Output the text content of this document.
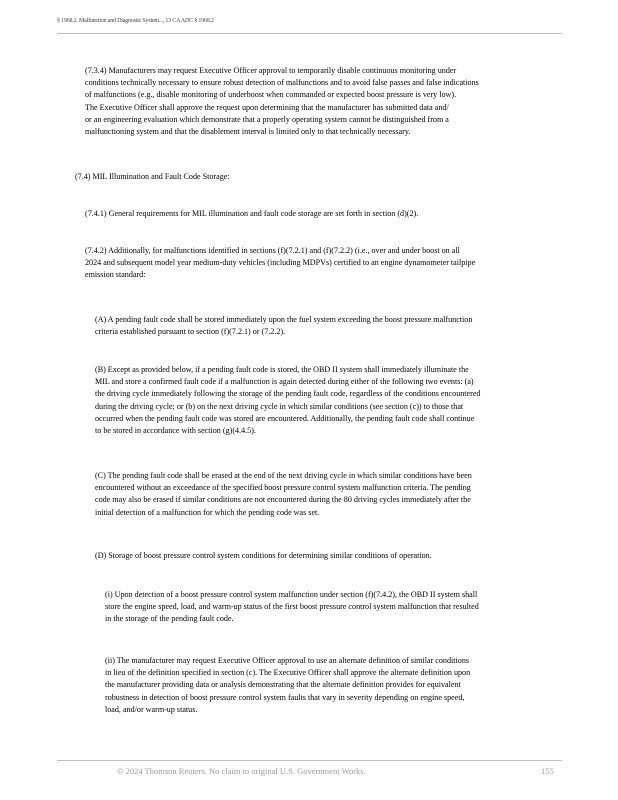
§ 1968.2. Malfunction and Diagnostic System..., 13 CA ADC § 1968.2

(7.3.4) Manufacturers may request Executive Officer approval to temporarily disable continuous monitoring under
conditions technically necessary to ensure robust detection of malfunctions and to avoid false passes and false indications
of malfunctions (e.g., disable monitoring of underboost when commanded or expected boost pressure is very low).
The Executive Officer shall approve the request upon determining that the manufacturer has submitted data and/
or an engineering evaluation which demonstrate that a properly operating system cannot be distinguished from a
malfunctioning system and that the disablement interval is limited only to that technically necessary.

(7.4) MIL Illumination and Fault Code Storage:

(7.4.1) General requirements for MIL illumination and fault code storage are set forth in section (d)(2).

(7.4.2) Additionally, for malfunctions identified in sections (f)(7.2.1) and (f)(7.2.2) (i.e., over and under boost on all
2024 and subsequent model year medium-duty vehicles (including MDPVs) certified to an engine dynamometer tailpipe
emission standard:

(A) A pending fault code shall be stored immediately upon the fuel system exceeding the boost pressure malfunction
criteria established pursuant to section (f)(7.2.1) or (7.2.2).

(B) Except as provided below, if a pending fault code is stored, the OBD II system shall immediately illuminate the
MIL and store a confirmed fault code if a malfunction is again detected during either of the following two events: (a)
the driving cycle immediately following the storage of the pending fault code, regardless of the conditions encountered
during the driving cycle; or (b) on the next driving cycle in which similar conditions (see section (c)) to those that
occurred when the pending fault code was stored are encountered. Additionally, the pending fault code shall continue
to be stored in accordance with section (g)(4.4.5).

(C) The pending fault code shall be erased at the end of the next driving cycle in which similar conditions have been
encountered without an exceedance of the specified boost pressure control system malfunction criteria. The pending
code may also be erased if similar conditions are not encountered during the 80 driving cycles immediately after the
initial detection of a malfunction for which the pending code was set.

(D) Storage of boost pressure control system conditions for determining similar conditions of operation.

(i) Upon detection of a boost pressure control system malfunction under section (f)(7.4.2), the OBD II system shall
store the engine speed, load, and warm-up status of the first boost pressure control system malfunction that resulted
in the storage of the pending fault code.

(ii) The manufacturer may request Executive Officer approval to use an alternate definition of similar conditions
in lieu of the definition specified in section (c). The Executive Officer shall approve the alternate definition upon
the manufacturer providing data or analysis demonstrating that the alternate definition provides for equivalent
robustness in detection of boost pressure control system faults that vary in severity depending on engine speed,
load, and/or warm-up status.

© 2024 Thomson Reuters. No claim to original U.S. Government Works.	155
